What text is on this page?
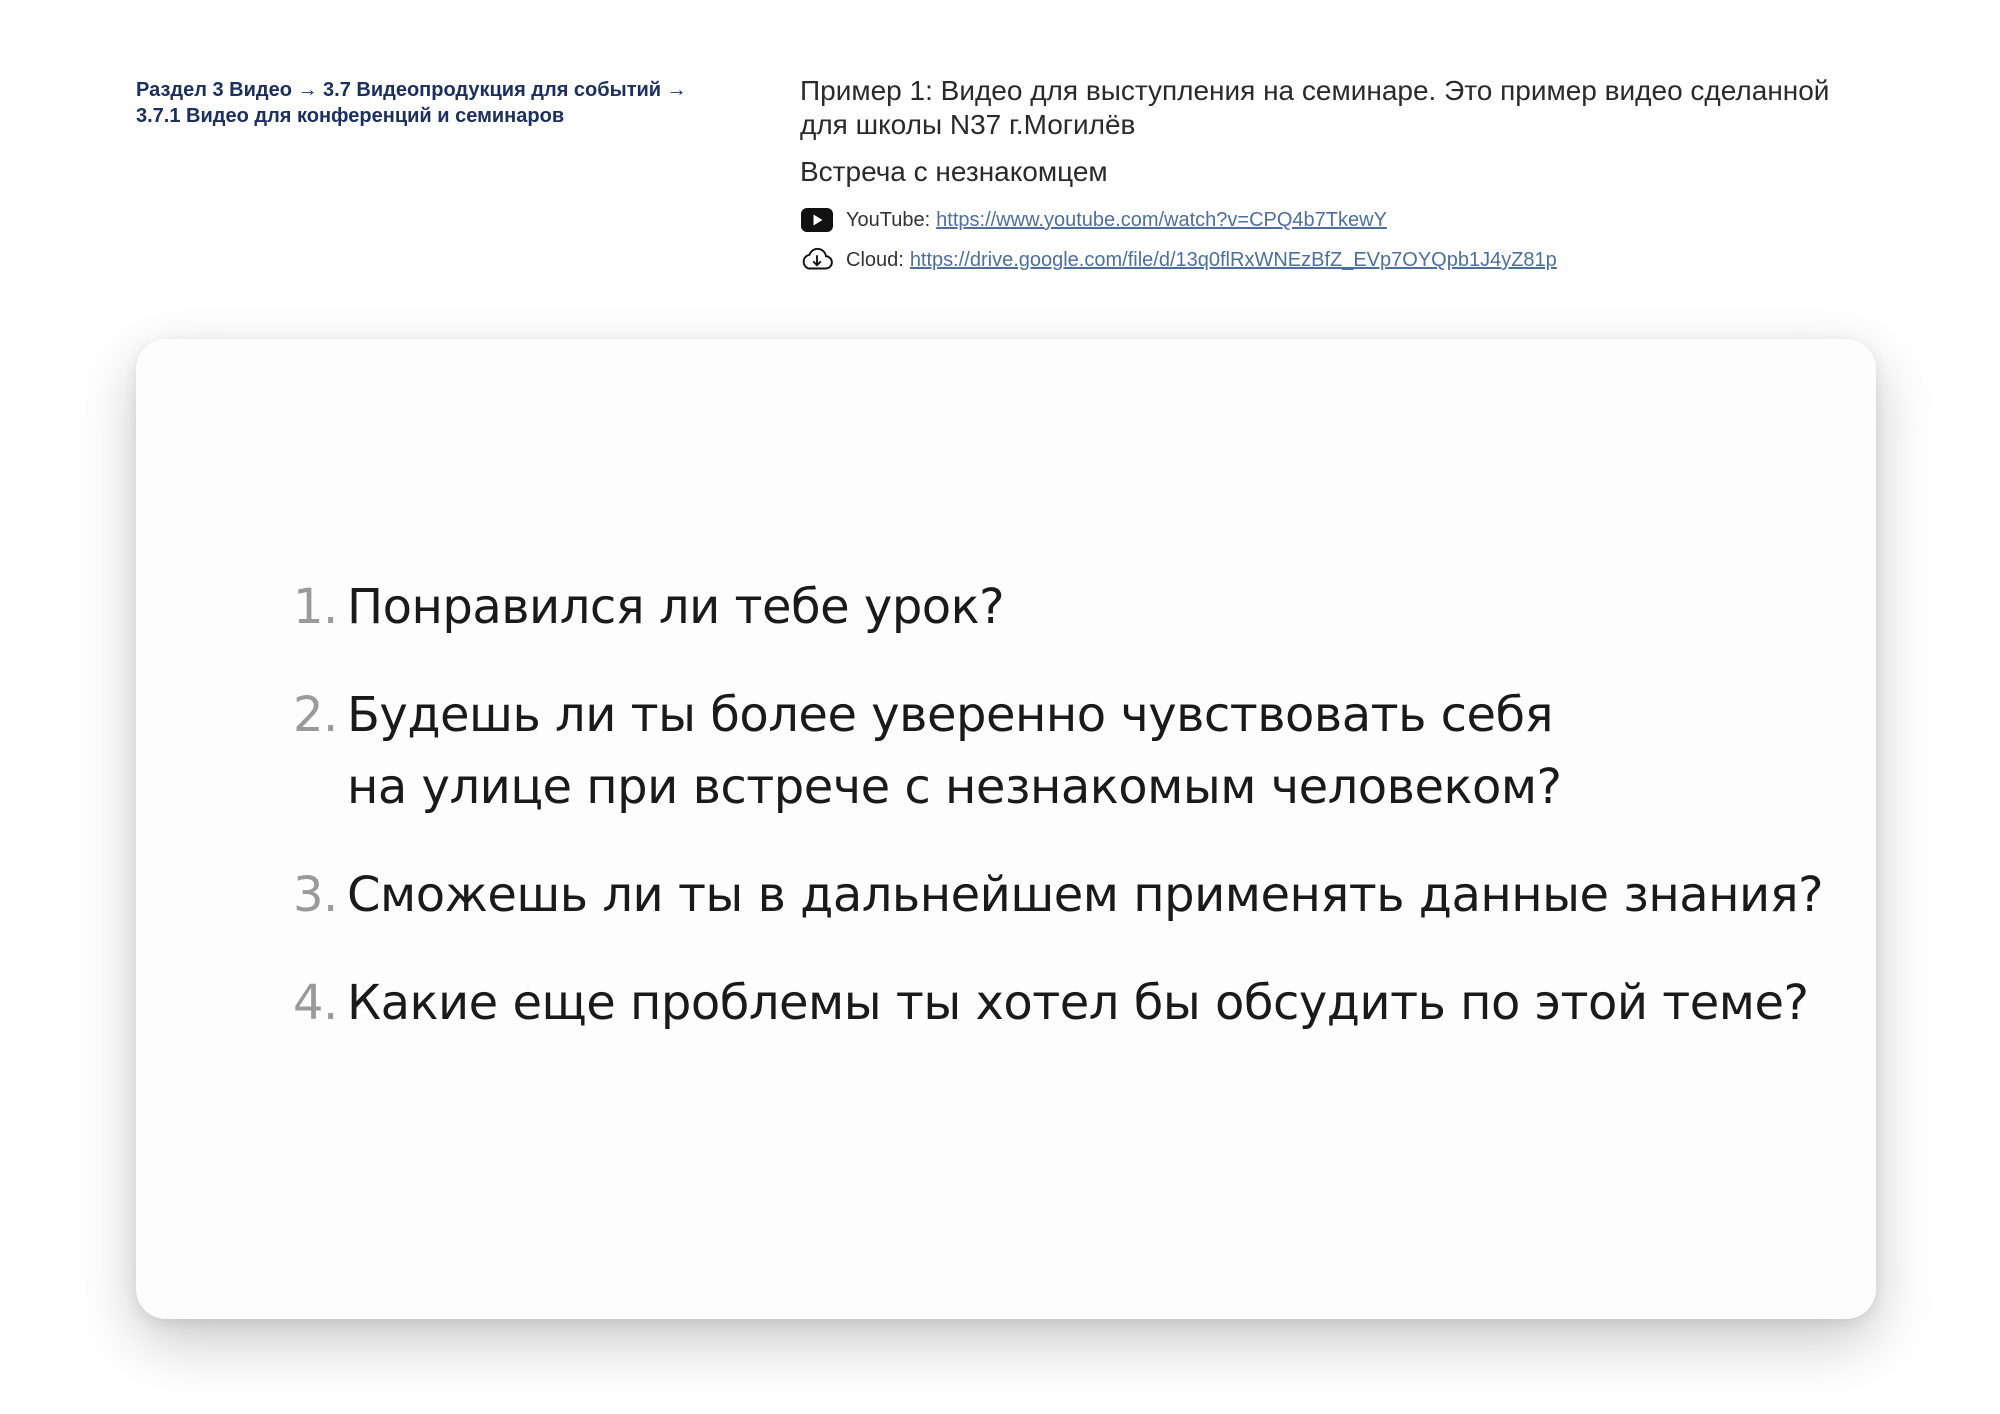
Раздел 3 Видео → 3.7 Видеопродукция для событий →
3.7.1 Видео для конференций и семинаров

Пример 1: Видео для выступления на семинаре. Это пример видео сделанной для школы N37 г.Могилёв

Встреча с незнакомцем

YouTube: https://www.youtube.com/watch?v=CPQ4b7TkewY
Cloud: https://drive.google.com/file/d/13q0flRxWNEzBfZ_EVp7OYQpb1J4yZ81p
1. Понравился ли тебе урок?
2. Будешь ли ты более уверенно чувствовать себя
на улице при встрече с незнакомым человеком?
3. Сможешь ли ты в дальнейшем применять данные знания?
4. Какие еще проблемы ты хотел бы обсудить по этой теме?
